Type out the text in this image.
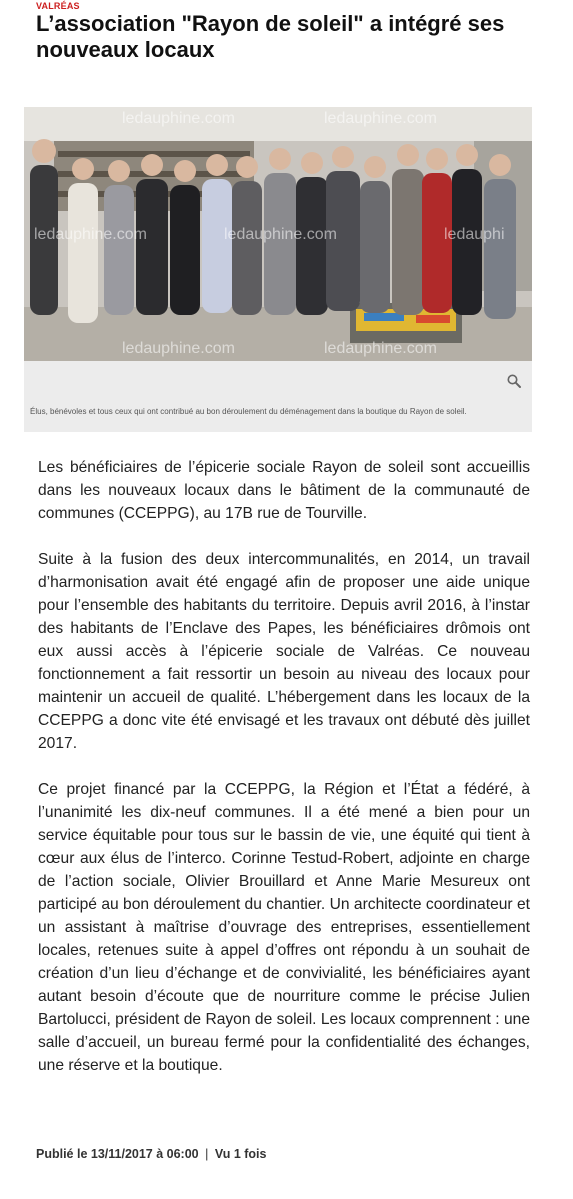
VALRÉAS
L’association "Rayon de soleil" a intégré ses nouveaux locaux
ledauphine.com	ledauphine.com
ledauphine.com	ledauphine.com	ledauphi
ledauphine.com	ledauphine.com

Élus, bénévoles et tous ceux qui ont contribué au bon déroulement du déménagement dans la boutique du Rayon de soleil.

Les bénéficiaires de l’épicerie sociale Rayon de soleil sont accueillis dans les nouveaux locaux dans le bâtiment de la communauté de communes (CCEPPG), au 17B rue de Tourville.

Suite à la fusion des deux intercommunalités, en 2014, un travail d’harmonisation avait été engagé afin de proposer une aide unique pour l’ensemble des habitants du territoire. Depuis avril 2016, à l’instar des habitants de l’Enclave des Papes, les bénéficiaires drômois ont eux aussi accès à l’épicerie sociale de Valréas. Ce nouveau fonctionnement a fait ressortir un besoin au niveau des locaux pour maintenir un accueil de qualité. L’hébergement dans les locaux de la CCEPPG a donc vite été envisagé et les travaux ont débuté dès juillet 2017.

Ce projet financé par la CCEPPG, la Région et l’État a fédéré, à l’unanimité les dix-neuf communes. Il a été mené a bien pour un service équitable pour tous sur le bassin de vie, une équité qui tient à cœur aux élus de l’interco. Corinne Testud-Robert, adjointe en charge de l’action sociale, Olivier Brouillard et Anne Marie Mesureux ont participé au bon déroulement du chantier. Un architecte coordinateur et un assistant à maîtrise d’ouvrage des entreprises, essentiellement locales, retenues suite à appel d’offres ont répondu à un souhait de création d’un lieu d’échange et de convivialité, les bénéficiaires ayant autant besoin d’écoute que de nourriture comme le précise Julien Bartolucci, président de Rayon de soleil. Les locaux comprennent : une salle d’accueil, un bureau fermé pour la confidentialité des échanges, une réserve et la boutique.

Publié le 13/11/2017 à 06:00 | Vu 1 fois
